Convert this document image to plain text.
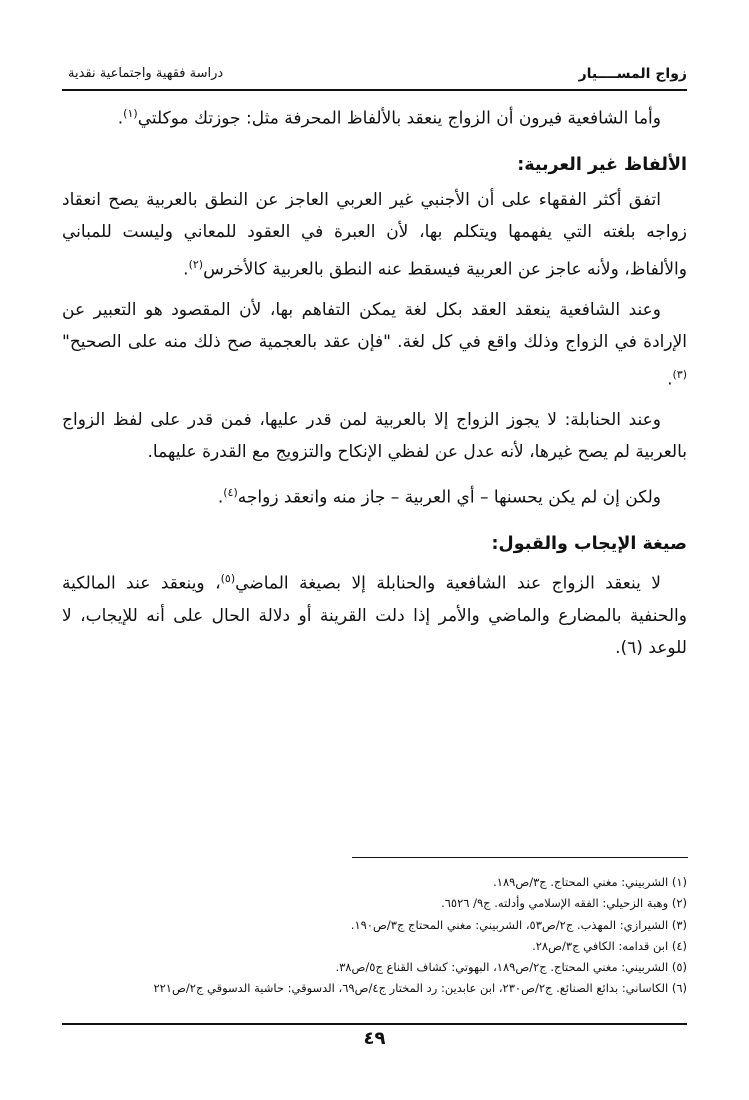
زواج المســــيار
دراسة فقهية واجتماعية نقدية

وأما الشافعية فيرون أن الزواج ينعقد بالألفاظ المحرفة مثل: جوزتك موكلتي$^{(١)}$.

الألفاظ غير العربية:

اتفق أكثر الفقهاء على أن الأجنبي غير العربي العاجز عن النطق بالعربية يصح انعقاد زواجه بلغته التي يفهمها ويتكلم بها، لأن العبرة في العقود للمعاني وليست للمباني والألفاظ، ولأنه عاجز عن العربية فيسقط عنه النطق بالعربية كالأخرس$^{(٢)}$.

وعند الشافعية ينعقد العقد بكل لغة يمكن التفاهم بها، لأن المقصود هو التعبير عن الإرادة في الزواج وذلك واقع في كل لغة. "فإن عقد بالعجمية صح ذلك منه على الصحيح"$^{(٣)}$.

وعند الحنابلة: لا يجوز الزواج إلا بالعربية لمن قدر عليها، فمن قدر على لفظ الزواج بالعربية لم يصح غيرها، لأنه عدل عن لفظي الإنكاح والتزويج مع القدرة عليهما.

ولكن إن لم يكن يحسنها – أي العربية – جاز منه وانعقد زواجه$^{(٤)}$.

صيغة الإيجاب والقبول:

لا ينعقد الزواج عند الشافعية والحنابلة إلا بصيغة الماضي$^{(٥)}$، وينعقد عند المالكية والحنفية بالمضارع والماضي والأمر إذا دلت القرينة أو دلالة الحال على أنه للإيجاب، لا للوعد (٦).

(١) الشربيني: مغني المحتاج. ج٣/ص١٨٩.
(٢) وهبة الزحيلي: الفقه الإسلامي وأدلته. ج٩/ ٦٥٢٦.
(٣) الشيرازي: المهذب. ج٢/ص٥٣، الشربيني: مغني المحتاج ج٣/ص١٩٠.
(٤) ابن قدامه: الكافي ج٣/ص٢٨.
(٥) الشربيني: مغني المحتاج. ج٢/ص١٨٩، البهوتي: كشاف القناع ج٥/ص٣٨.
(٦) الكاساني: بدائع الصنائع. ج٢/ص٢٣٠، ابن عابدين: رد المختار ج٤/ص٦٩، الدسوقي: حاشية الدسوقي ج٢/ص٢٢١
٤٩
